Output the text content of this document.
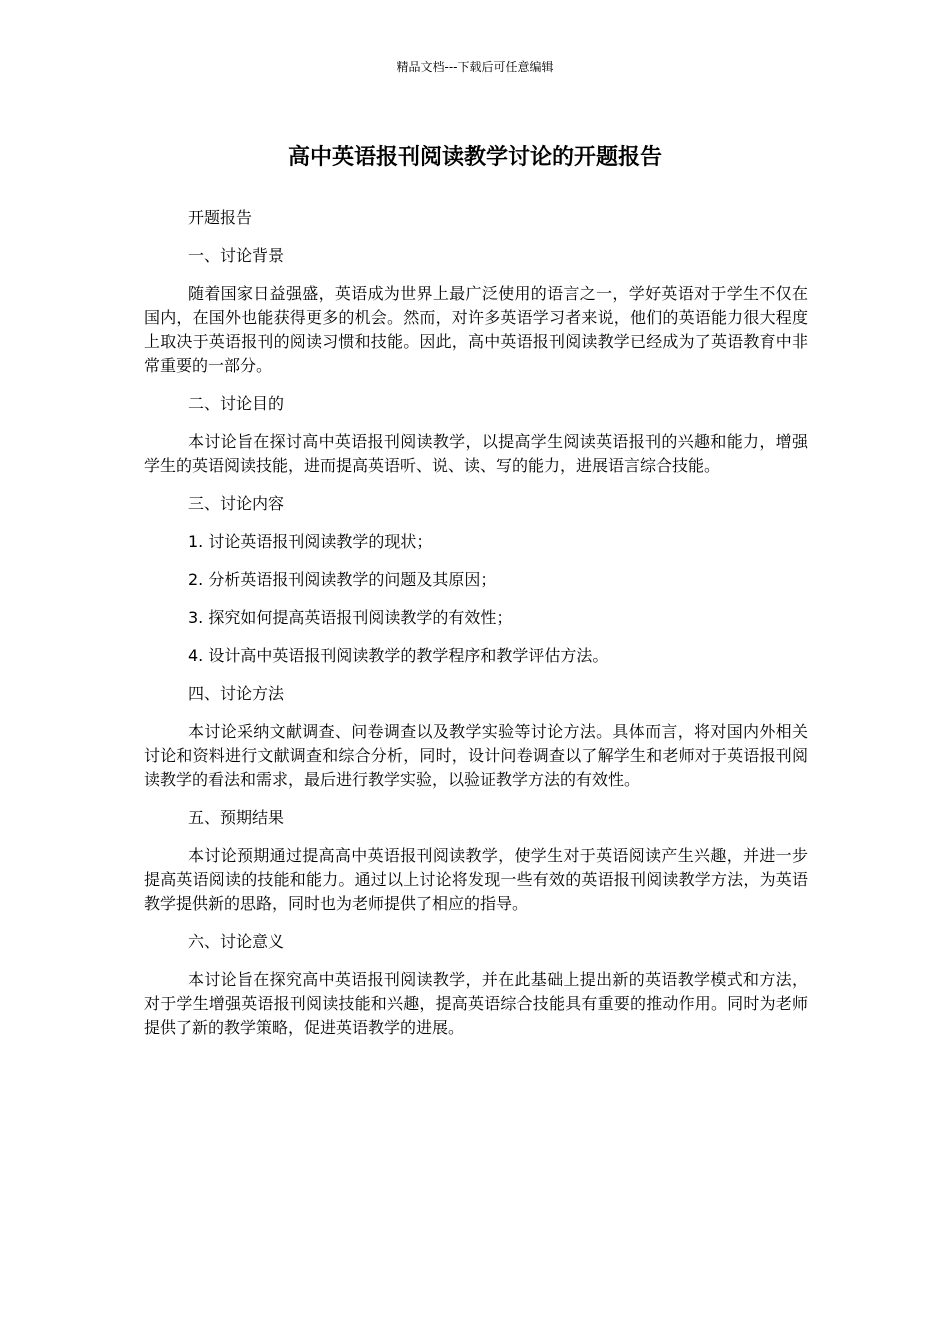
精品文档---下载后可任意编辑
高中英语报刊阅读教学讨论的开题报告

开题报告

一、讨论背景

随着国家日益强盛，英语成为世界上最广泛使用的语言之一，学好英语对于学生不仅在国内，在国外也能获得更多的机会。然而，对许多英语学习者来说，他们的英语能力很大程度上取决于英语报刊的阅读习惯和技能。因此，高中英语报刊阅读教学已经成为了英语教育中非常重要的一部分。

二、讨论目的

本讨论旨在探讨高中英语报刊阅读教学，以提高学生阅读英语报刊的兴趣和能力，增强学生的英语阅读技能，进而提高英语听、说、读、写的能力，进展语言综合技能。

三、讨论内容

1. 讨论英语报刊阅读教学的现状；

2. 分析英语报刊阅读教学的问题及其原因；

3. 探究如何提高英语报刊阅读教学的有效性；

4. 设计高中英语报刊阅读教学的教学程序和教学评估方法。

四、讨论方法

本讨论采纳文献调查、问卷调查以及教学实验等讨论方法。具体而言，将对国内外相关讨论和资料进行文献调查和综合分析，同时，设计问卷调查以了解学生和老师对于英语报刊阅读教学的看法和需求，最后进行教学实验，以验证教学方法的有效性。

五、预期结果

本讨论预期通过提高高中英语报刊阅读教学，使学生对于英语阅读产生兴趣，并进一步提高英语阅读的技能和能力。通过以上讨论将发现一些有效的英语报刊阅读教学方法，为英语教学提供新的思路，同时也为老师提供了相应的指导。

六、讨论意义

本讨论旨在探究高中英语报刊阅读教学，并在此基础上提出新的英语教学模式和方法，对于学生增强英语报刊阅读技能和兴趣，提高英语综合技能具有重要的推动作用。同时为老师提供了新的教学策略，促进英语教学的进展。
